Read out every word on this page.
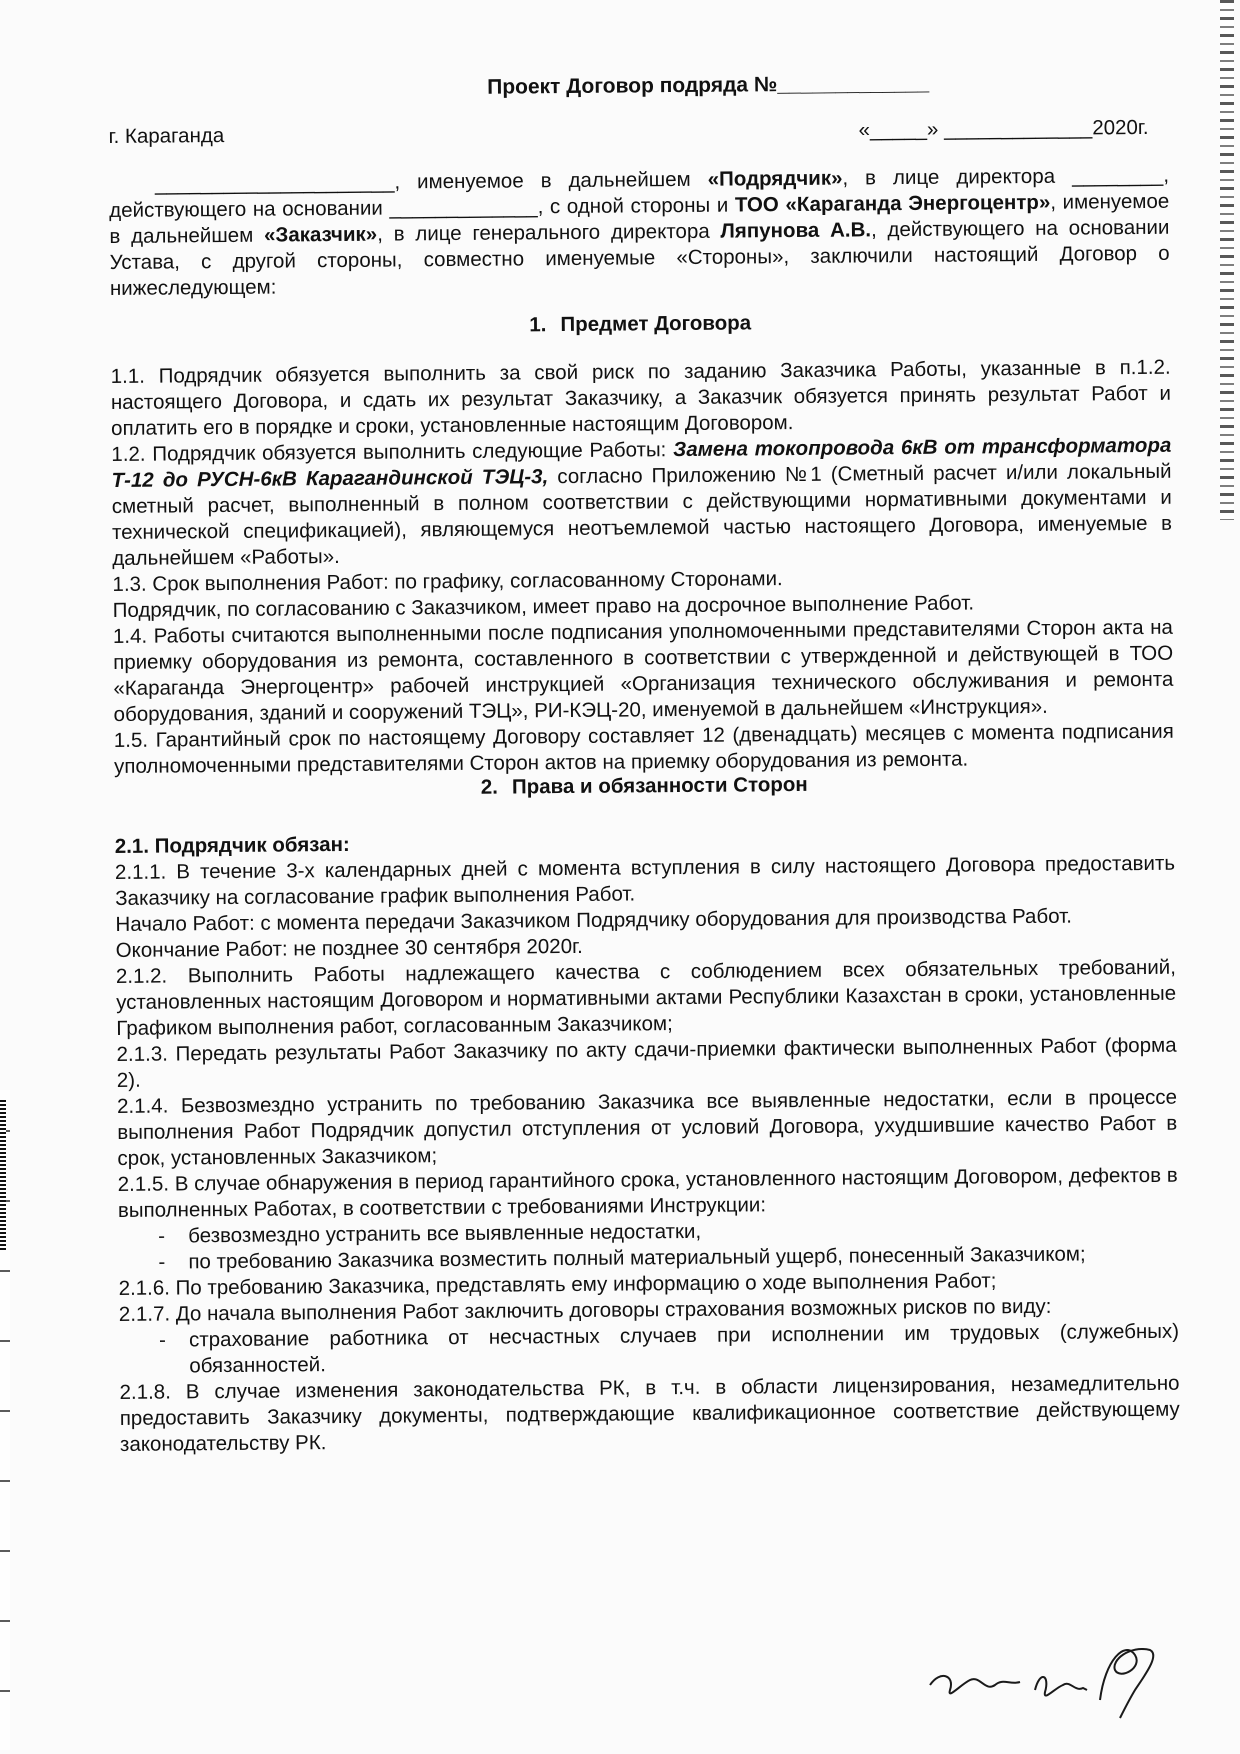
Проект Договор подряда №_____________
г. Караганда	«_____» _____________2020г.

_____________________, именуемое в дальнейшем «Подрядчик», в лице директора ________, действующего на основании _____________, с одной стороны и ТОО «Караганда Энергоцентр», именуемое в дальнейшем «Заказчик», в лице генерального директора Ляпунова А.В., действующего на основании Устава, с другой стороны, совместно именуемые «Стороны», заключили настоящий Договор о нижеследующем:

1. Предмет Договора

1.1. Подрядчик обязуется выполнить за свой риск по заданию Заказчика Работы, указанные в п.1.2. настоящего Договора, и сдать их результат Заказчику, а Заказчик обязуется принять результат Работ и оплатить его в порядке и сроки, установленные настоящим Договором.

1.2. Подрядчик обязуется выполнить следующие Работы: Замена токопровода 6кВ от трансформатора Т-12 до РУСН-6кВ Карагандинской ТЭЦ-3, согласно Приложению №1 (Сметный расчет и/или локальный сметный расчет, выполненный в полном соответствии с действующими нормативными документами и технической спецификацией), являющемуся неотъемлемой частью настоящего Договора, именуемые в дальнейшем «Работы».

1.3. Срок выполнения Работ: по графику, согласованному Сторонами.

Подрядчик, по согласованию с Заказчиком, имеет право на досрочное выполнение Работ.

1.4. Работы считаются выполненными после подписания уполномоченными представителями Сторон акта на приемку оборудования из ремонта, составленного в соответствии с утвержденной и действующей в ТОО «Караганда Энергоцентр» рабочей инструкцией «Организация технического обслуживания и ремонта оборудования, зданий и сооружений ТЭЦ», РИ-КЭЦ-20, именуемой в дальнейшем «Инструкция».

1.5. Гарантийный срок по настоящему Договору составляет 12 (двенадцать) месяцев с момента подписания уполномоченными представителями Сторон актов на приемку оборудования из ремонта.

2. Права и обязанности Сторон

2.1. Подрядчик обязан:

2.1.1. В течение 3-х календарных дней с момента вступления в силу настоящего Договора предоставить Заказчику на согласование график выполнения Работ.

Начало Работ: с момента передачи Заказчиком Подрядчику оборудования для производства Работ.

Окончание Работ: не позднее 30 сентября 2020г.

2.1.2. Выполнить Работы надлежащего качества с соблюдением всех обязательных требований, установленных настоящим Договором и нормативными актами Республики Казахстан в сроки, установленные Графиком выполнения работ, согласованным Заказчиком;

2.1.3. Передать результаты Работ Заказчику по акту сдачи-приемки фактически выполненных Работ (форма 2).

2.1.4. Безвозмездно устранить по требованию Заказчика все выявленные недостатки, если в процессе выполнения Работ Подрядчик допустил отступления от условий Договора, ухудшившие качество Работ в срок, установленных Заказчиком;

2.1.5. В случае обнаружения в период гарантийного срока, установленного настоящим Договором, дефектов в выполненных Работах, в соответствии с требованиями Инструкции:

- безвозмездно устранить все выявленные недостатки,
- по требованию Заказчика возместить полный материальный ущерб, понесенный Заказчиком;

2.1.6. По требованию Заказчика, представлять ему информацию о ходе выполнения Работ;

2.1.7. До начала выполнения Работ заключить договоры страхования возможных рисков по виду:

- страхование работника от несчастных случаев при исполнении им трудовых (служебных) обязанностей.

2.1.8. В случае изменения законодательства РК, в т.ч. в области лицензирования, незамедлительно предоставить Заказчику документы, подтверждающие квалификационное соответствие действующему законодательству РК.
